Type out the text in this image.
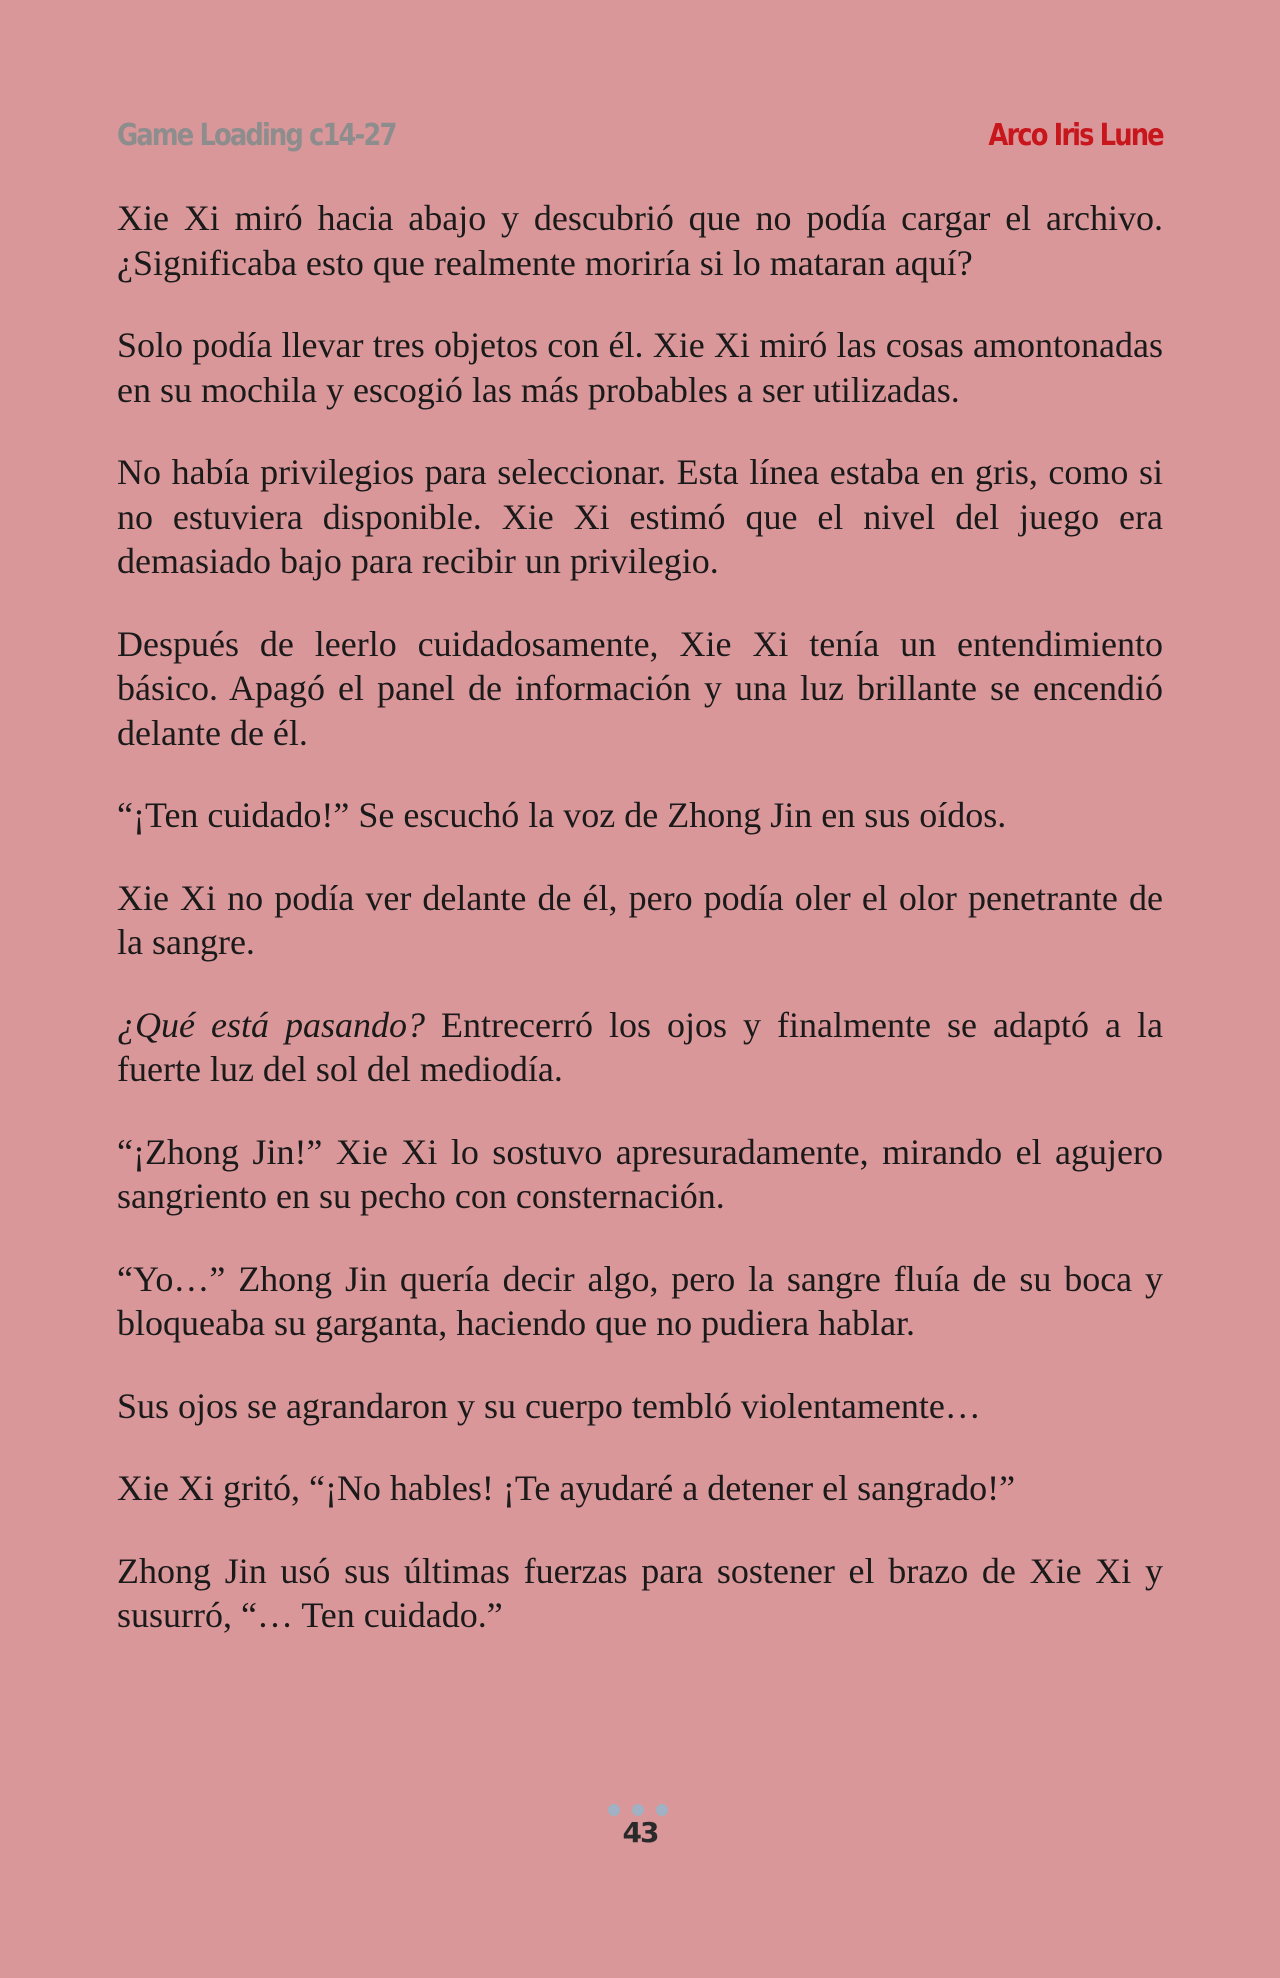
Game Loading c14-27	Arco Iris Lune

Xie Xi miró hacia abajo y descubrió que no podía cargar el archivo. ¿Significaba esto que realmente moriría si lo mataran aquí?

Solo podía llevar tres objetos con él. Xie Xi miró las cosas amontonadas en su mochila y escogió las más probables a ser utilizadas.

No había privilegios para seleccionar. Esta línea estaba en gris, como si no estuviera disponible. Xie Xi estimó que el nivel del juego era demasiado bajo para recibir un privilegio.

Después de leerlo cuidadosamente, Xie Xi tenía un entendimiento básico. Apagó el panel de información y una luz brillante se encendió delante de él.

“¡Ten cuidado!” Se escuchó la voz de Zhong Jin en sus oídos.

Xie Xi no podía ver delante de él, pero podía oler el olor penetrante de la sangre.

¿Qué está pasando? Entrecerró los ojos y finalmente se adaptó a la fuerte luz del sol del mediodía.

“¡Zhong Jin!” Xie Xi lo sostuvo apresuradamente, mirando el agujero sangriento en su pecho con consternación.

“Yo…” Zhong Jin quería decir algo, pero la sangre fluía de su boca y bloqueaba su garganta, haciendo que no pudiera hablar.

Sus ojos se agrandaron y su cuerpo tembló violentamente…

Xie Xi gritó, “¡No hables! ¡Te ayudaré a detener el sangrado!”

Zhong Jin usó sus últimas fuerzas para sostener el brazo de Xie Xi y susurró, “… Ten cuidado.”

43
